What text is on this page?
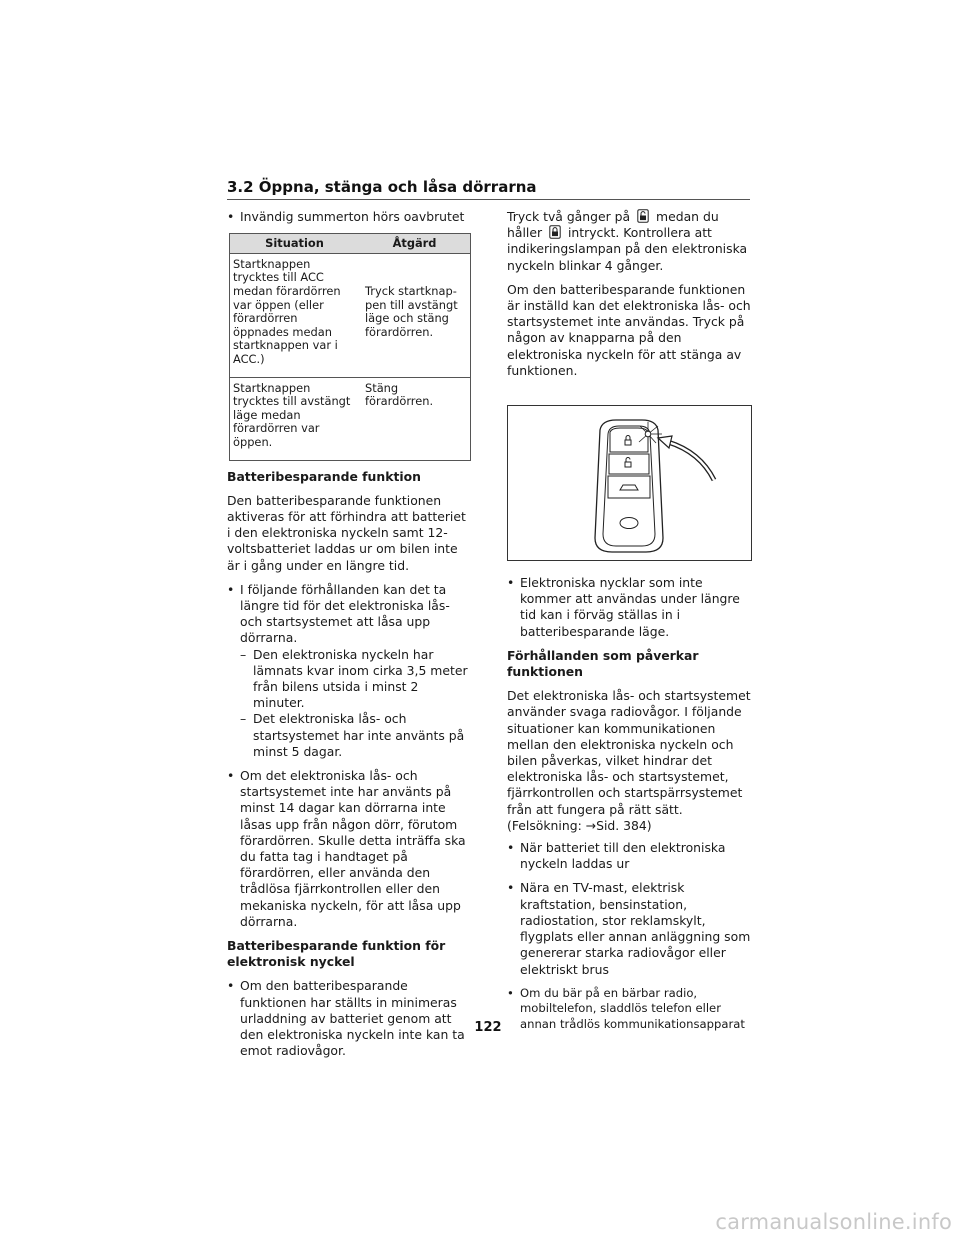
3.2 Öppna, stänga och låsa dörrarna
• Invändig summerton hörs oavbrutet
Situation	Åtgärd
Startknappen trycktes till ACC medan förardörren var öppen (eller förardörren öppnades medan startknappen var i ACC.)
Tryck startknappen till avstängt läge och stäng förardörren.
Startknappen trycktes till avstängt läge medan förardörren var öppen.
Stäng förardörren.
Batteribesparande funktion

Den batteribesparande funktionen aktiveras för att förhindra att batteriet i den elektroniska nyckeln samt 12-voltsbatteriet laddas ur om bilen inte är i gång under en längre tid.

• I följande förhållanden kan det ta längre tid för det elektroniska lås- och startsystemet att låsa upp dörrarna.
– Den elektroniska nyckeln har lämnats kvar inom cirka 3,5 meter från bilens utsida i minst 2 minuter.
– Det elektroniska lås- och startsystemet har inte använts på minst 5 dagar.
• Om det elektroniska lås- och startsystemet inte har använts på minst 14 dagar kan dörrarna inte låsas upp från någon dörr, förutom förardörren. Skulle detta inträffa ska du fatta tag i handtaget på förardörren, eller använda den trådlösa fjärrkontrollen eller den mekaniska nyckeln, för att låsa upp dörrarna.
Batteribesparande funktion för elektronisk nyckel
• Om den batteribesparande funktionen har ställts in minimeras urladdning av batteriet genom att den elektroniska nyckeln inte kan ta emot radiovågor.

Tryck två gånger på medan du håller intryckt. Kontrollera att indikeringslampan på den elektroniska nyckeln blinkar 4 gånger.

Om den batteribesparande funktionen är inställd kan det elektroniska lås- och startsystemet inte användas. Tryck på någon av knapparna på den elektroniska nyckeln för att stänga av funktionen.

• Elektroniska nycklar som inte kommer att användas under längre tid kan i förväg ställas in i batteribesparande läge.
Förhållanden som påverkar funktionen

Det elektroniska lås- och startsystemet använder svaga radiovågor. I följande situationer kan kommunikationen mellan den elektroniska nyckeln och bilen påverkas, vilket hindrar det elektroniska lås- och startsystemet, fjärrkontrollen och startspärrsystemet från att fungera på rätt sätt. (Felsökning: →Sid. 384)

• När batteriet till den elektroniska nyckeln laddas ur
• Nära en TV-mast, elektrisk kraftstation, bensinstation, radiostation, stor reklamskylt, flygplats eller annan anläggning som genererar starka radiovågor eller elektriskt brus
• Om du bär på en bärbar radio, mobiltelefon, sladdlös telefon eller annan trådlös kommunikationsapparat
122
carmanualsonline.info
